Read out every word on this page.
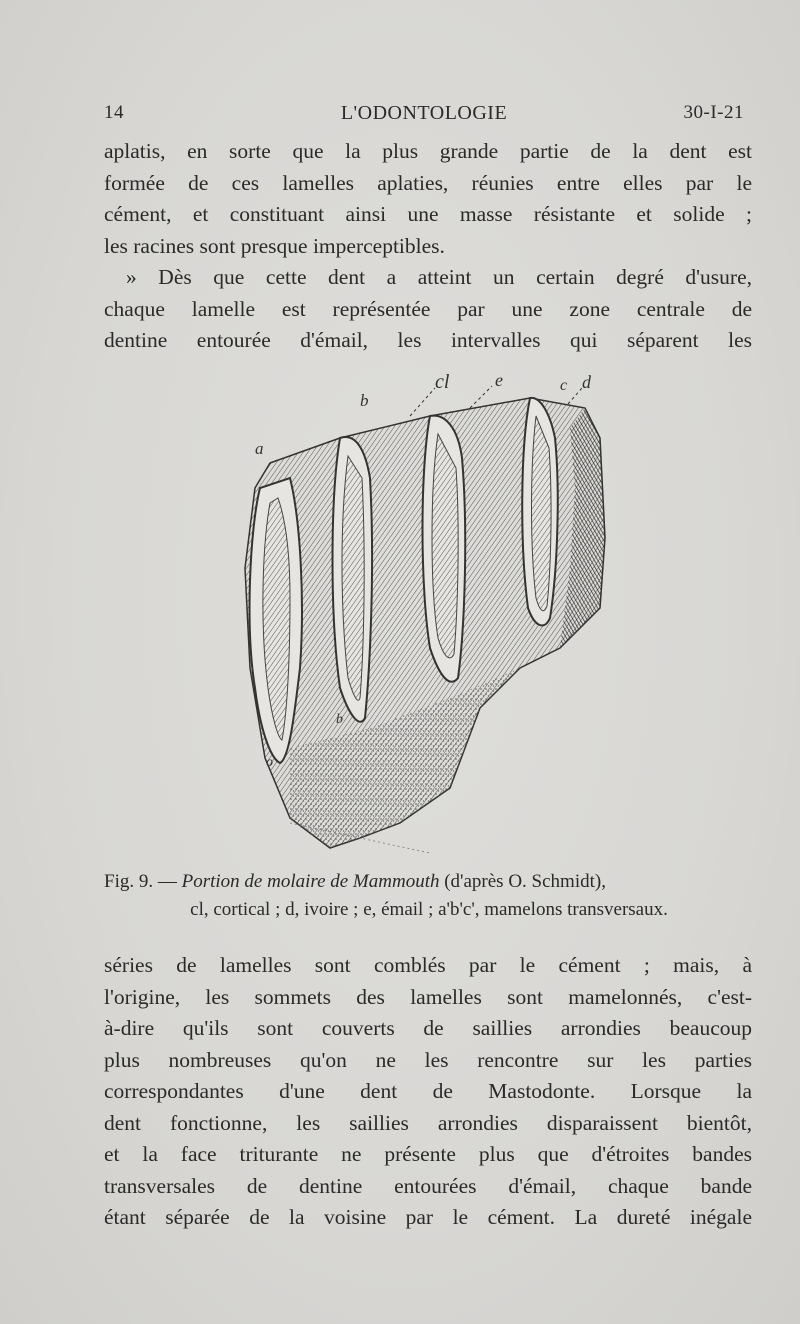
14	L'ODONTOLOGIE	30-I-21
aplatis, en sorte que la plus grande partie de la dent est
formée de ces lamelles aplaties, réunies entre elles par le
cément, et constituant ainsi une masse résistante et solide ;
les racines sont presque imperceptibles.
» Dès que cette dent a atteint un certain degré d'usure,
chaque lamelle est représentée par une zone centrale de
dentine entourée d'émail, les intervalles qui séparent les
a
b
cl	e	c d
o
b
Fig. 9. — Portion de molaire de Mammouth (d'après O. Schmidt),
cl, cortical ; d, ivoire ; e, émail ; a'b'c', mamelons transversaux.
séries de lamelles sont comblés par le cément ; mais, à
l'origine, les sommets des lamelles sont mamelonnés, c'est-
à-dire qu'ils sont couverts de saillies arrondies beaucoup
plus nombreuses qu'on ne les rencontre sur les parties
correspondantes d'une dent de Mastodonte. Lorsque la
dent fonctionne, les saillies arrondies disparaissent bientôt,
et la face triturante ne présente plus que d'étroites bandes
transversales de dentine entourées d'émail, chaque bande
étant séparée de la voisine par le cément. La dureté inégale
